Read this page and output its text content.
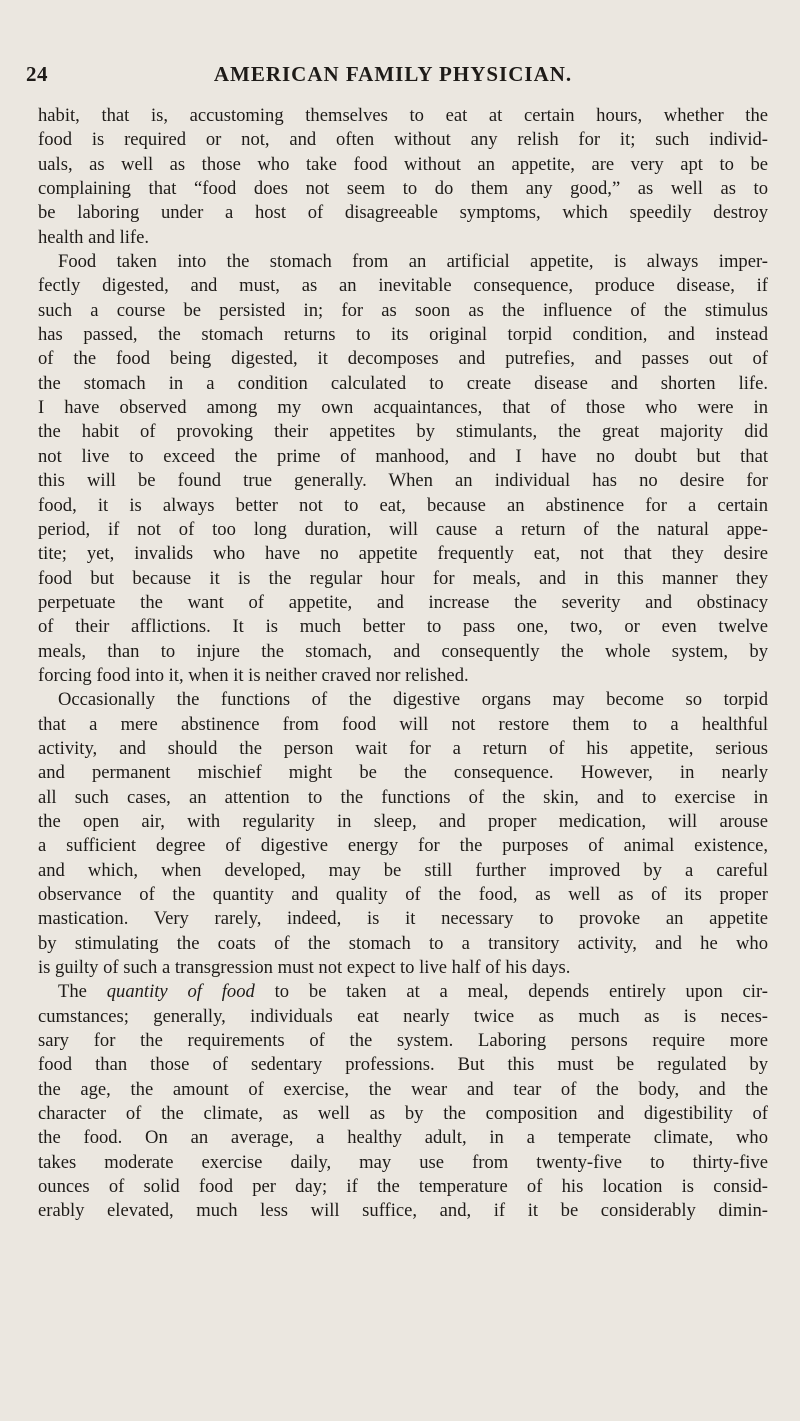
24	AMERICAN FAMILY PHYSICIAN.
habit, that is, accustoming themselves to eat at certain hours, whether the
food is required or not, and often without any relish for it; such individ-
uals, as well as those who take food without an appetite, are very apt to be
complaining that “food does not seem to do them any good,” as well as to
be laboring under a host of disagreeable symptoms, which speedily destroy
health and life.
Food taken into the stomach from an artificial appetite, is always imper-
fectly digested, and must, as an inevitable consequence, produce disease, if
such a course be persisted in; for as soon as the influence of the stimulus
has passed, the stomach returns to its original torpid condition, and instead
of the food being digested, it decomposes and putrefies, and passes out of
the stomach in a condition calculated to create disease and shorten life.
I have observed among my own acquaintances, that of those who were in
the habit of provoking their appetites by stimulants, the great majority did
not live to exceed the prime of manhood, and I have no doubt but that
this will be found true generally. When an individual has no desire for
food, it is always better not to eat, because an abstinence for a certain
period, if not of too long duration, will cause a return of the natural appe-
tite; yet, invalids who have no appetite frequently eat, not that they desire
food but because it is the regular hour for meals, and in this manner they
perpetuate the want of appetite, and increase the severity and obstinacy
of their afflictions. It is much better to pass one, two, or even twelve
meals, than to injure the stomach, and consequently the whole system, by
forcing food into it, when it is neither craved nor relished.
Occasionally the functions of the digestive organs may become so torpid
that a mere abstinence from food will not restore them to a healthful
activity, and should the person wait for a return of his appetite, serious
and permanent mischief might be the consequence. However, in nearly
all such cases, an attention to the functions of the skin, and to exercise in
the open air, with regularity in sleep, and proper medication, will arouse
a sufficient degree of digestive energy for the purposes of animal existence,
and which, when developed, may be still further improved by a careful
observance of the quantity and quality of the food, as well as of its proper
mastication. Very rarely, indeed, is it necessary to provoke an appetite
by stimulating the coats of the stomach to a transitory activity, and he who
is guilty of such a transgression must not expect to live half of his days.
The quantity of food to be taken at a meal, depends entirely upon cir-
cumstances; generally, individuals eat nearly twice as much as is neces-
sary for the requirements of the system. Laboring persons require more
food than those of sedentary professions. But this must be regulated by
the age, the amount of exercise, the wear and tear of the body, and the
character of the climate, as well as by the composition and digestibility of
the food. On an average, a healthy adult, in a temperate climate, who
takes moderate exercise daily, may use from twenty-five to thirty-five
ounces of solid food per day; if the temperature of his location is consid-
erably elevated, much less will suffice, and, if it be considerably dimin-
